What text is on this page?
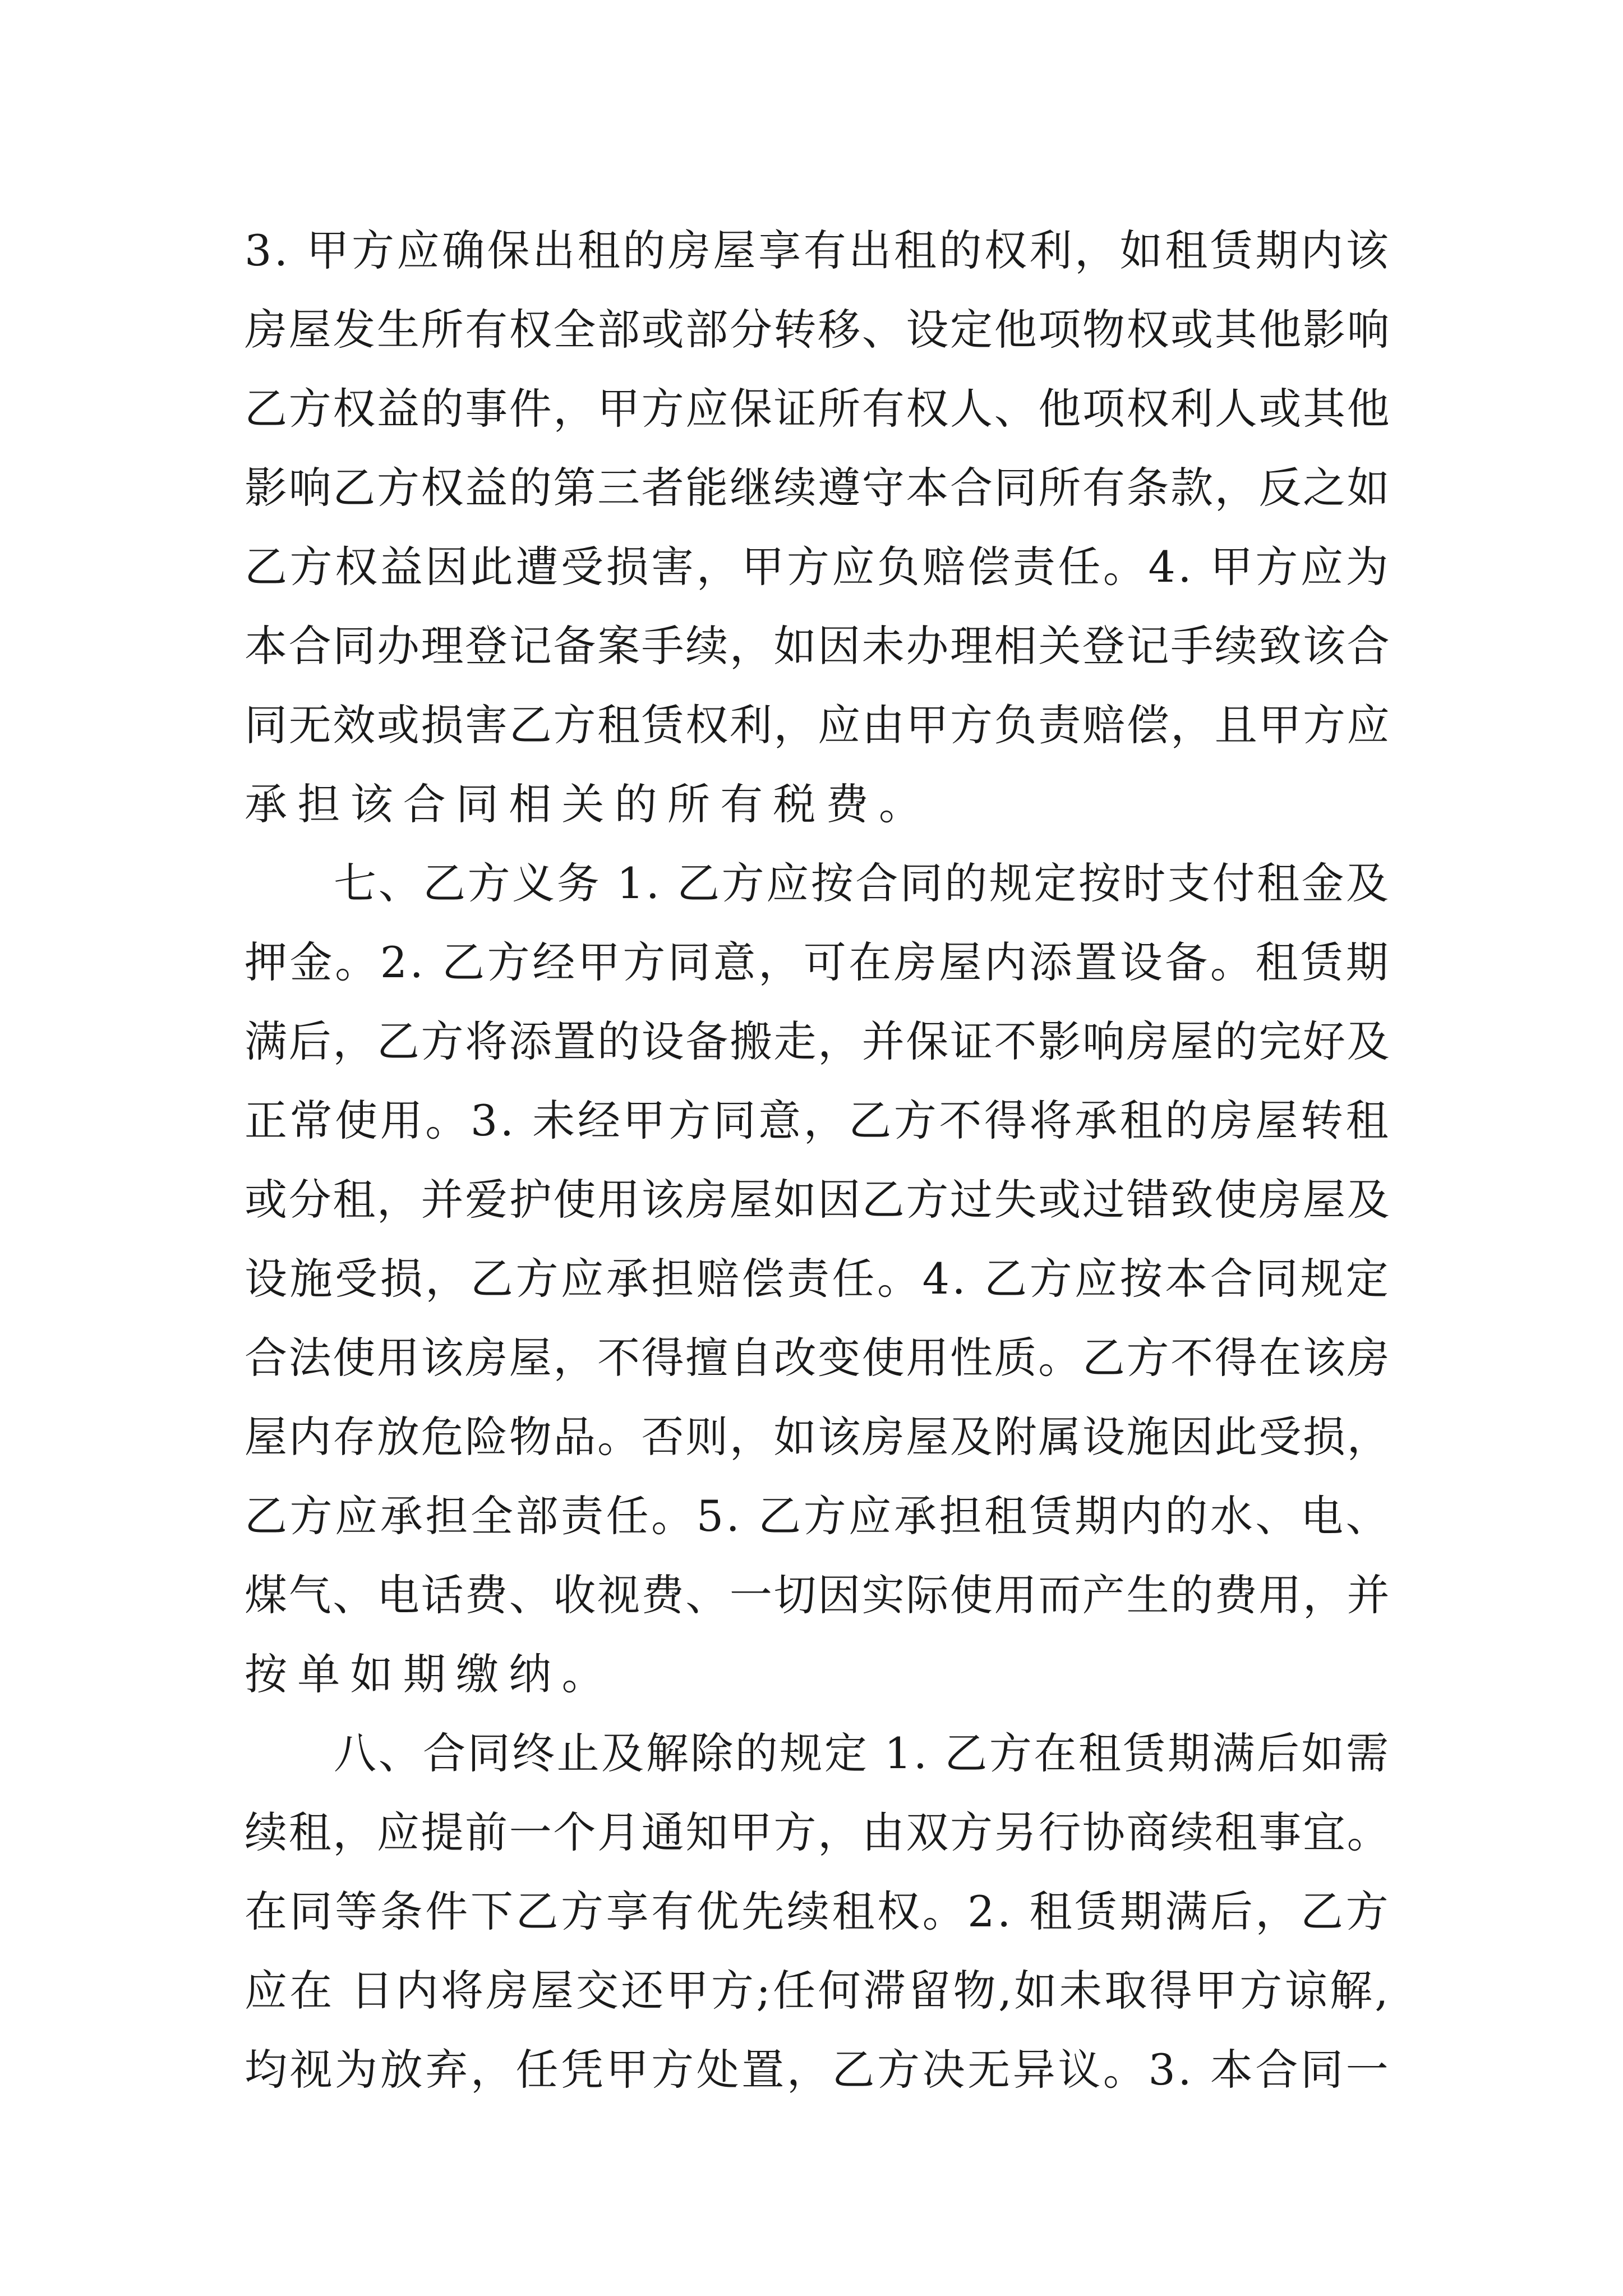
3. 甲方应确保出租的房屋享有出租的权利，如租赁期内该
房屋发生所有权全部或部分转移、设定他项物权或其他影响
乙方权益的事件，甲方应保证所有权人、他项权利人或其他
影响乙方权益的第三者能继续遵守本合同所有条款，反之如
乙方权益因此遭受损害，甲方应负赔偿责任。4. 甲方应为
本合同办理登记备案手续，如因未办理相关登记手续致该合
同无效或损害乙方租赁权利，应由甲方负责赔偿，且甲方应
承担该合同相关的所有税费。
　　七、乙方义务 1. 乙方应按合同的规定按时支付租金及
押金。2. 乙方经甲方同意，可在房屋内添置设备。租赁期
满后，乙方将添置的设备搬走，并保证不影响房屋的完好及
正常使用。3. 未经甲方同意，乙方不得将承租的房屋转租
或分租，并爱护使用该房屋如因乙方过失或过错致使房屋及
设施受损，乙方应承担赔偿责任。4. 乙方应按本合同规定
合法使用该房屋，不得擅自改变使用性质。乙方不得在该房
屋内存放危险物品。否则，如该房屋及附属设施因此受损，
乙方应承担全部责任。5. 乙方应承担租赁期内的水、电、
煤气、电话费、收视费、一切因实际使用而产生的费用，并
按单如期缴纳。
　　八、合同终止及解除的规定 1. 乙方在租赁期满后如需
续租，应提前一个月通知甲方，由双方另行协商续租事宜。
在同等条件下乙方享有优先续租权。2. 租赁期满后，乙方
应在 日内将房屋交还甲方;任何滞留物,如未取得甲方谅解,
均视为放弃，任凭甲方处置，乙方决无异议。3. 本合同一
